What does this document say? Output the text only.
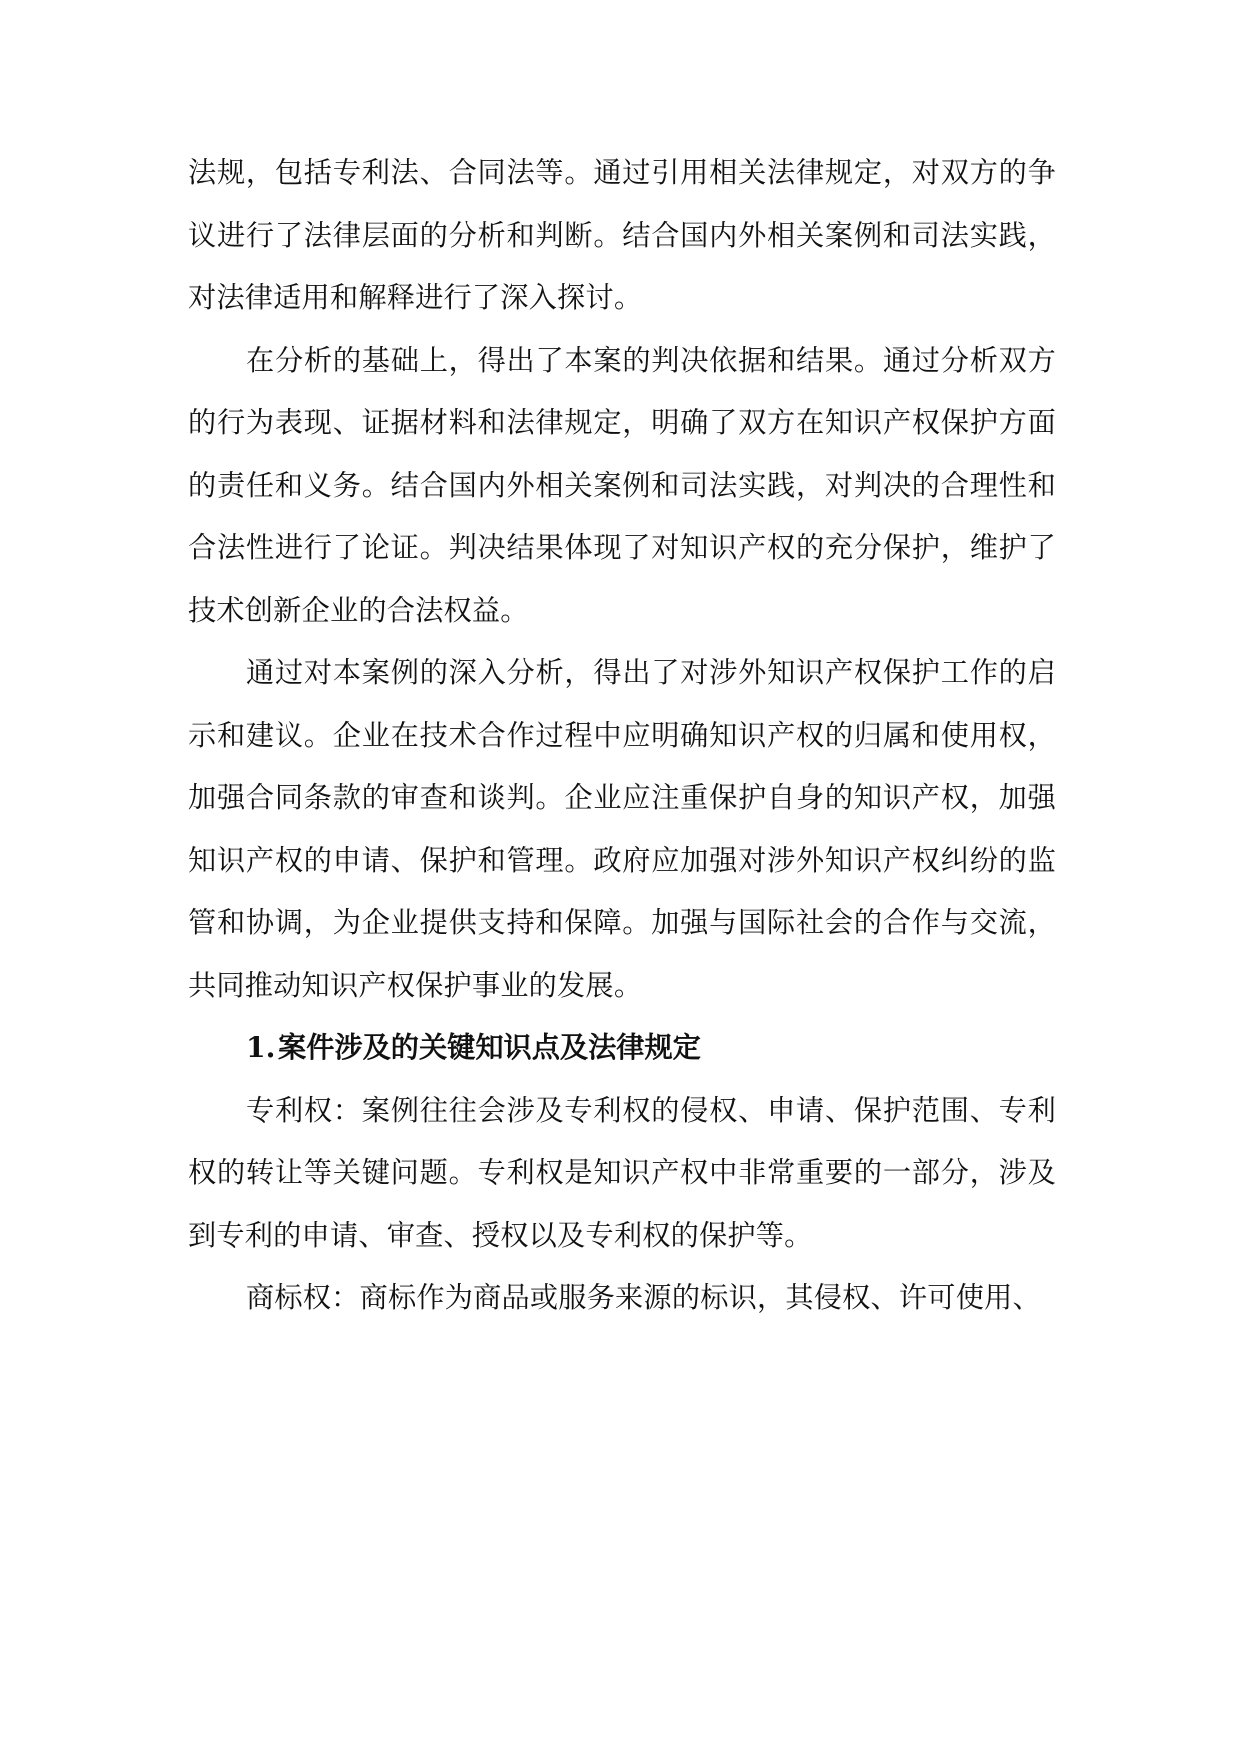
法规，包括专利法、合同法等。通过引用相关法律规定，对双方的争议进行了法律层面的分析和判断。结合国内外相关案例和司法实践，对法律适用和解释进行了深入探讨。

在分析的基础上，得出了本案的判决依据和结果。通过分析双方的行为表现、证据材料和法律规定，明确了双方在知识产权保护方面的责任和义务。结合国内外相关案例和司法实践，对判决的合理性和合法性进行了论证。判决结果体现了对知识产权的充分保护，维护了技术创新企业的合法权益。

通过对本案例的深入分析，得出了对涉外知识产权保护工作的启示和建议。企业在技术合作过程中应明确知识产权的归属和使用权，加强合同条款的审查和谈判。企业应注重保护自身的知识产权，加强知识产权的申请、保护和管理。政府应加强对涉外知识产权纠纷的监管和协调，为企业提供支持和保障。加强与国际社会的合作与交流，共同推动知识产权保护事业的发展。

1.案件涉及的关键知识点及法律规定

专利权：案例往往会涉及专利权的侵权、申请、保护范围、专利权的转让等关键问题。专利权是知识产权中非常重要的一部分，涉及到专利的申请、审查、授权以及专利权的保护等。

商标权：商标作为商品或服务来源的标识，其侵权、许可使用、
